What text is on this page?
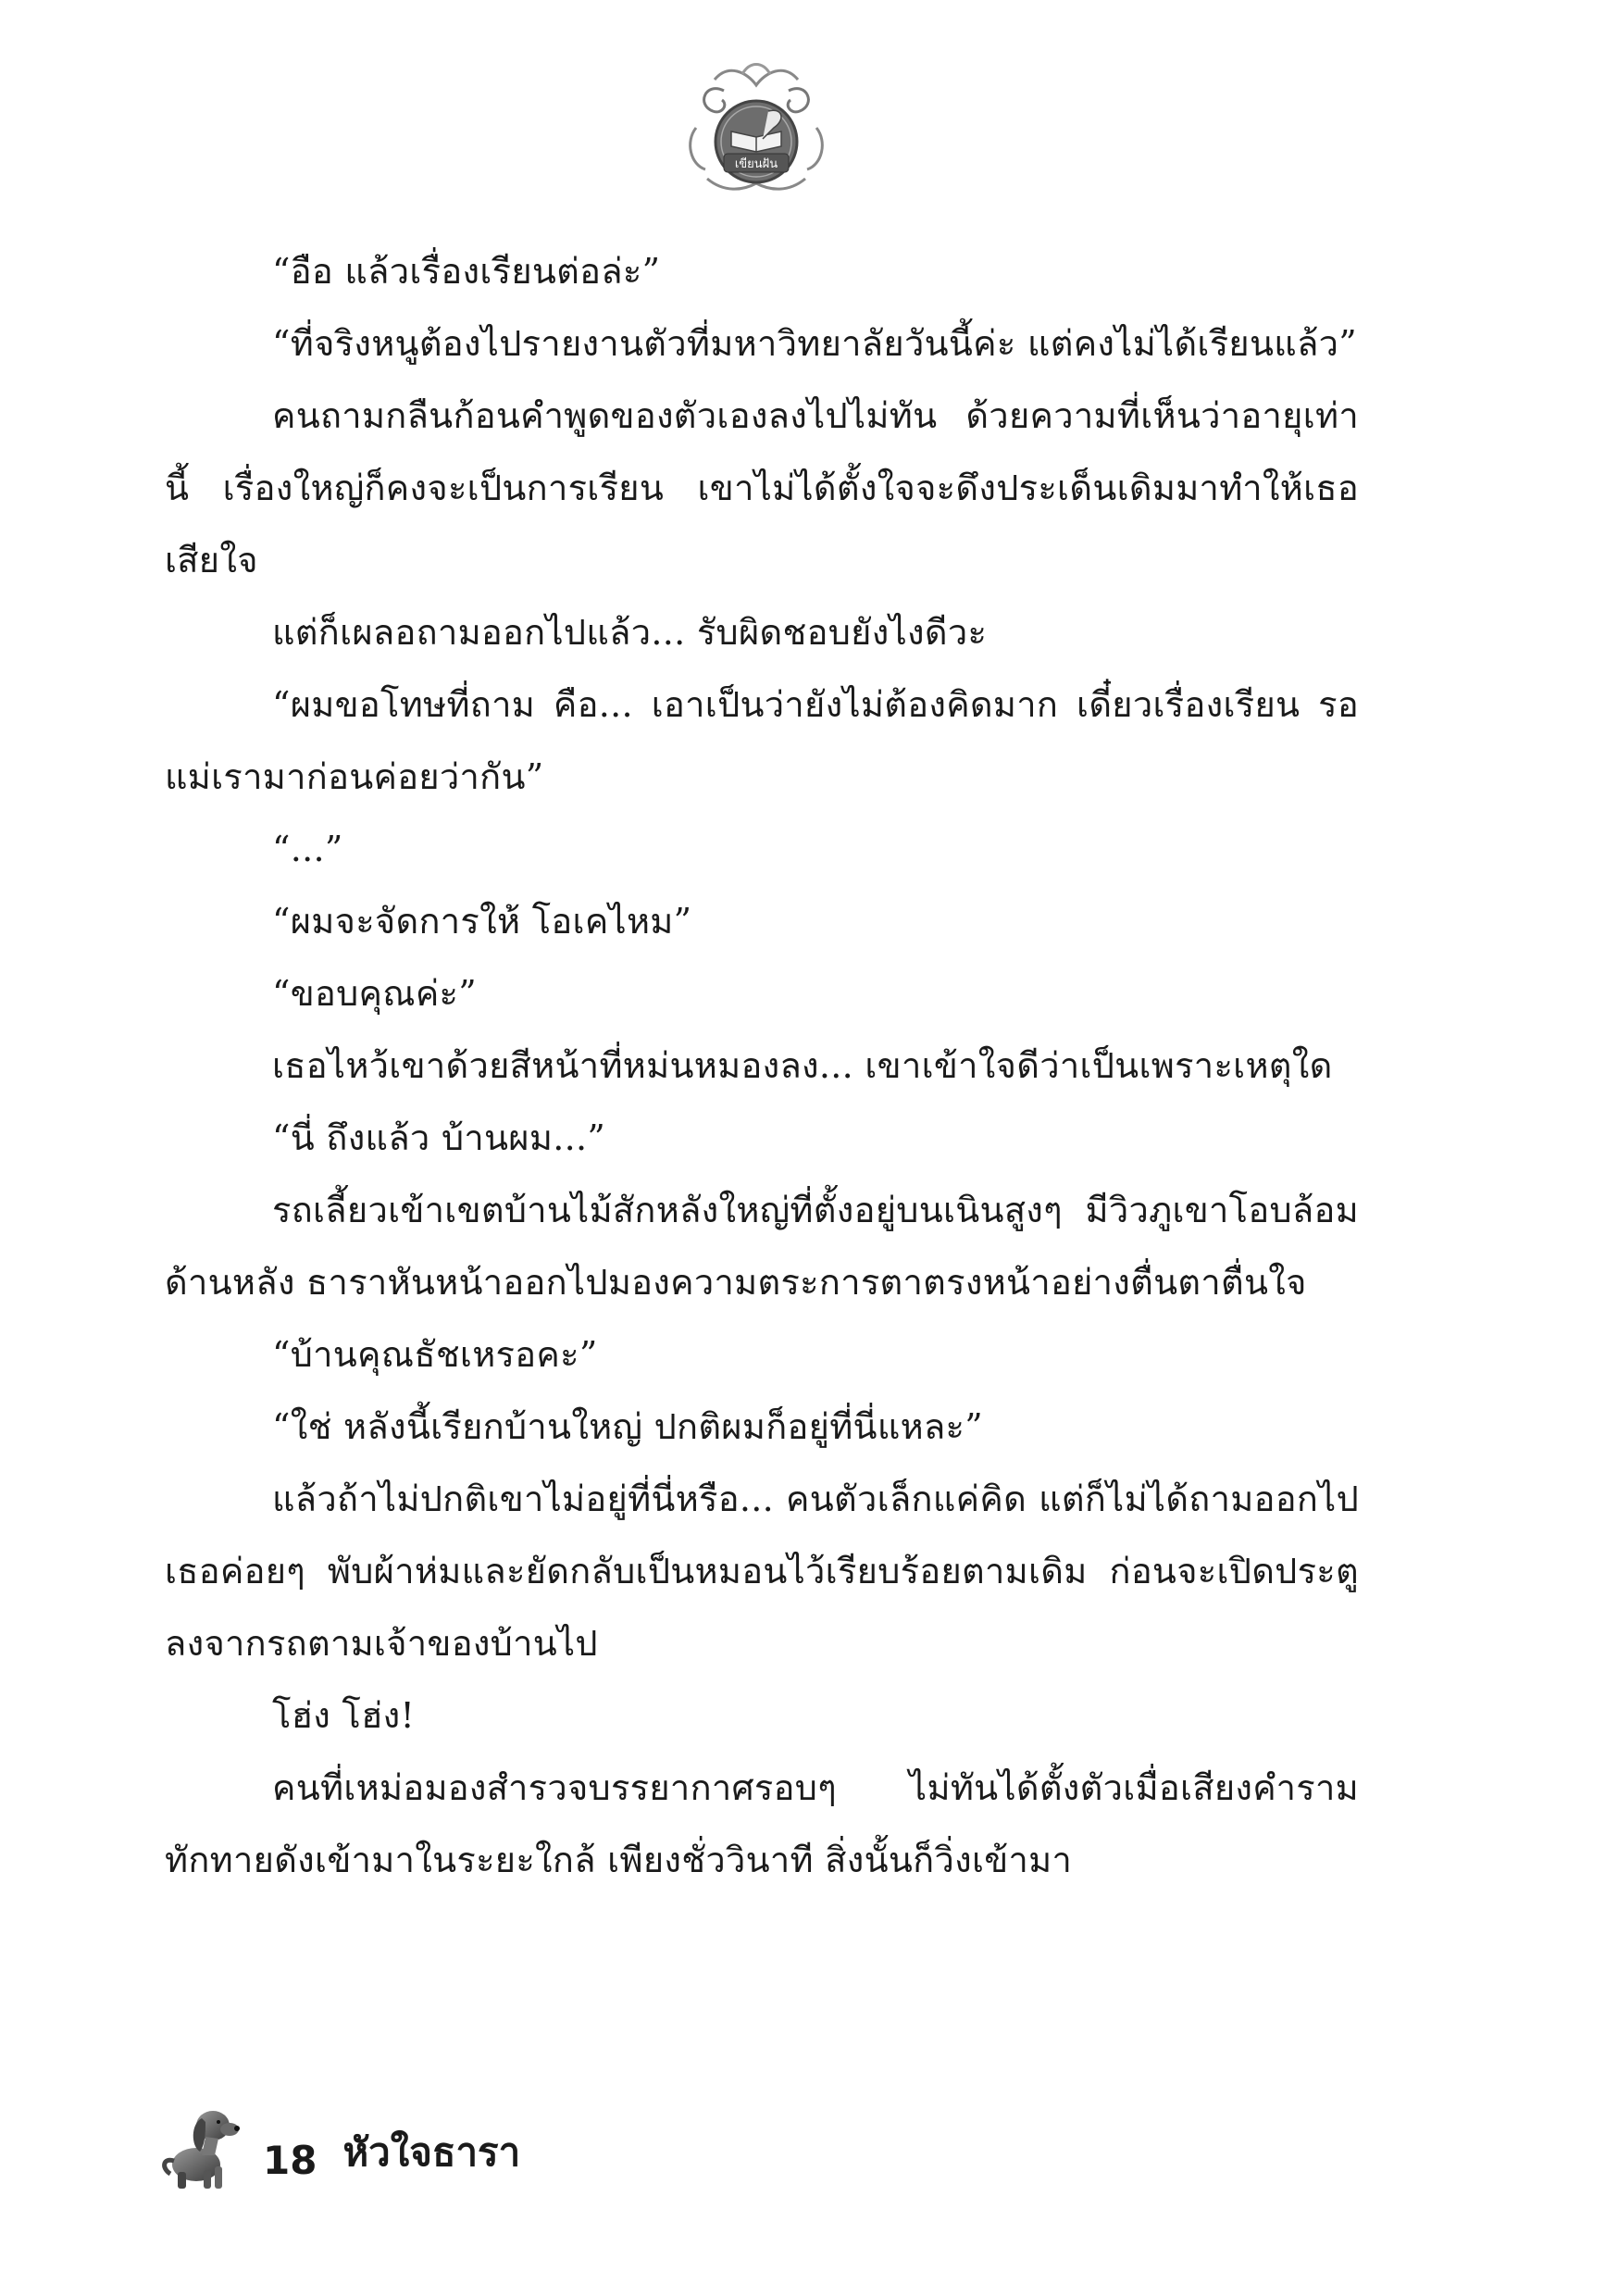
เขียนฝัน

“อือ แล้วเรื่องเรียนต่อล่ะ”

“ที่จริงหนูต้องไปรายงานตัวที่มหาวิทยาลัยวันนี้ค่ะ แต่คงไม่ได้เรียนแล้ว”

คนถามกลืนก้อนคำพูดของตัวเองลงไปไม่ทัน ด้วยความที่เห็นว่าอายุเท่านี้ เรื่องใหญ่ก็คงจะเป็นการเรียน เขาไม่ได้ตั้งใจจะดึงประเด็นเดิมมาทำให้เธอเสียใจ

แต่ก็เผลอถามออกไปแล้ว... รับผิดชอบยังไงดีวะ

“ผมขอโทษที่ถาม คือ... เอาเป็นว่ายังไม่ต้องคิดมาก เดี๋ยวเรื่องเรียน รอแม่เรามาก่อนค่อยว่ากัน”

“...”

“ผมจะจัดการให้ โอเคไหม”

“ขอบคุณค่ะ”

เธอไหว้เขาด้วยสีหน้าที่หม่นหมองลง... เขาเข้าใจดีว่าเป็นเพราะเหตุใด

“นี่ ถึงแล้ว บ้านผม...”

รถเลี้ยวเข้าเขตบ้านไม้สักหลังใหญ่ที่ตั้งอยู่บนเนินสูงๆ มีวิวภูเขาโอบล้อมด้านหลัง ธาราหันหน้าออกไปมองความตระการตาตรงหน้าอย่างตื่นตาตื่นใจ

“บ้านคุณธัชเหรอคะ”

“ใช่ หลังนี้เรียกบ้านใหญ่ ปกติผมก็อยู่ที่นี่แหละ”

แล้วถ้าไม่ปกติเขาไม่อยู่ที่นี่หรือ... คนตัวเล็กแค่คิด แต่ก็ไม่ได้ถามออกไป เธอค่อยๆ พับผ้าห่มและยัดกลับเป็นหมอนไว้เรียบร้อยตามเดิม ก่อนจะเปิดประตูลงจากรถตามเจ้าของบ้านไป

โฮ่ง โฮ่ง!

คนที่เหม่อมองสำรวจบรรยากาศรอบๆ ไม่ทันได้ตั้งตัวเมื่อเสียงคำรามทักทายดังเข้ามาในระยะใกล้ เพียงชั่ววินาที สิ่งนั้นก็วิ่งเข้ามา

18 หัวใจธารา
